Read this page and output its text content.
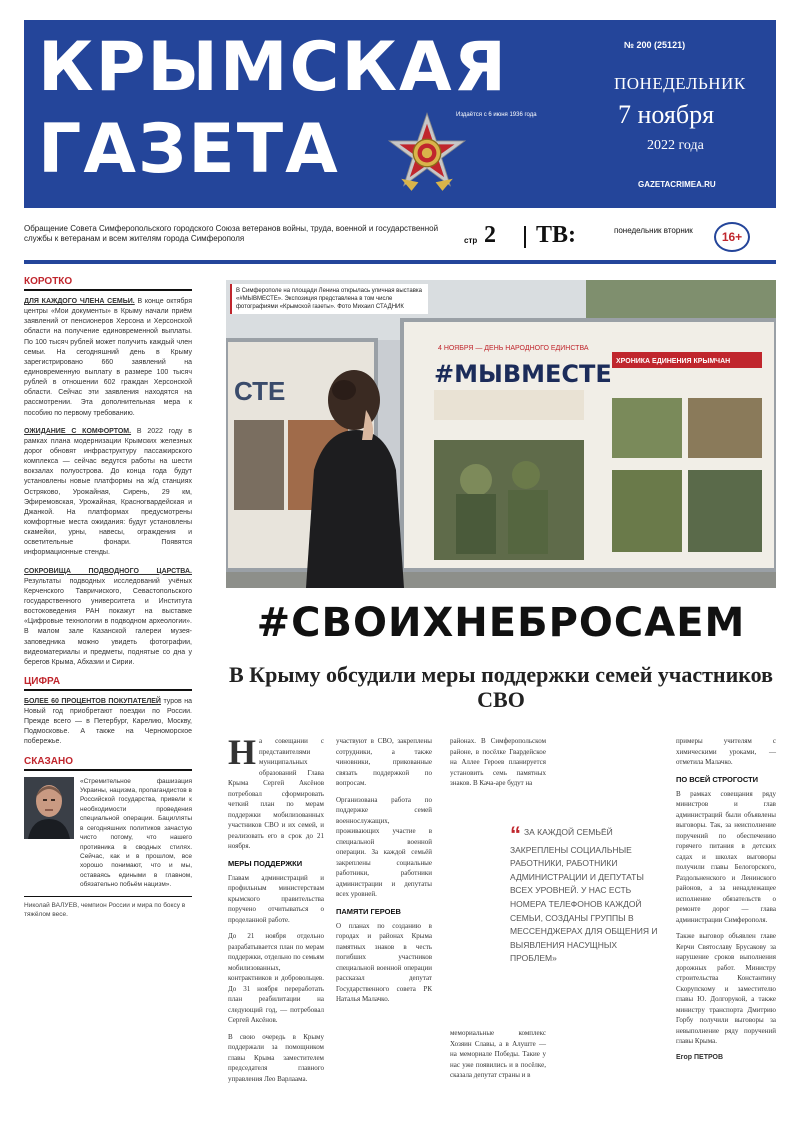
КРЫМСКАЯ
ГАЗЕТА	Издаётся с 6 июня 1936 года
№ 200 (25121)
ПОНЕДЕЛЬНИК
7 ноября
2022 года
GAZETACRIMEA.RU
Обращение Совета Симферопольского городского Союза ветеранов войны, труда, военной и государственной службы к ветеранам и всем жителям города Симферополя	стр 2 ТВ:	понедельник вторник	16+
КОРОТКО
ДЛЯ КАЖДОГО ЧЛЕНА СЕМЬИ. В конце октября центры «Мои документы» в Крыму начали приём заявлений от пенсионеров Херсона и Херсонской области на получение единовременной выплаты. По 100 тысяч рублей может получить каждый член семьи. На сегодняшний день в Крыму зарегистрировано 660 заявлений на единовременную выплату в размере 100 тысяч рублей в отношении 602 граждан Херсонской области. Сейчас эти заявления находятся на рассмотрении. Эта дополнительная мера к пособию по первому требованию.
ОЖИДАНИЕ С КОМФОРТОМ. В 2022 году в рамках плана модернизации Крымских железных дорог обновят инфраструктуру пассажирского комплекса — сейчас ведутся работы на шести вокзалах полуострова. До конца года будут установлены новые платформы на ж/д станциях Остряково, Урожайная, Сирень, 29 км, Эфиремовская, Урожайная, Красногвардейская и Джанкой. На платформах предусмотрены комфортные места ожидания: будут установлены скамейки, урны, навесы, ограждения и осветительные фонари. Появятся информационные стенды.
СОКРОВИЩА ПОДВОДНОГО ЦАРСТВА. Результаты подводных исследований учёных Керченского Тавричиского, Севастопольского государственного университета и Института востоковедения РАН покажут на выставке «Цифровые технологии в подводном археологии». В малом зале Казанской галереи музея-заповедника можно увидеть фотографии, видеоматериалы и предметы, поднятые со дна у берегов Крыма, Абхазии и Сирии.
ЦИФРА
БОЛЕЕ 60 ПРОЦЕНТОВ ПОКУПАТЕЛЕЙ туров на Новый год приобретают поездки по России. Прежде всего — в Петербург, Карелию, Москву, Подмосковье. А также на Черноморское побережье.
СКАЗАНО
«Стремительное фашизация Украины, нацизма, пропагандистов в Российской государства, привели к необходимости проведения специальной операции. Бацилляты в сегодняшних политиков зачастую чисто потому, что нашего противника в сводных стилях. Сейчас, как и в прошлом, все хорошо понимают, что и мы, оставаясь едиными в главном, обязательно побьём нацизм».
Николай ВАЛУЕВ, чемпион России и мира по боксу в тяжёлом весе.
СТЕ
4 НОЯБРЯ — ДЕНЬ НАРОДНОГО ЕДИНСТВА
#МЫВМЕСТЕ ХРОНИКА ЕДИНЕНИЯ КРЫМЧАН
В Симферополе на площади Ленина открылась уличная выставка «#МЫВМЕСТЕ». Экспозиция представлена в том числе фотографиями «Крымской газеты». Фото Михаил СТАДНИК
#СВОИХНЕБРОСАЕМ
В Крыму обсудили меры поддержки семей участников СВО

На совещании с представителями муниципальных образований Глава Крыма Сергей Аксёнов потребовал сформировать четкий план по мерам поддержки мобилизованных участников СВО и их семей, и реализовать его в срок до 21 ноября.

МЕРЫ ПОДДЕРЖКИ

Главам администраций и профильным министерствам крымского правительства поручено отчитываться о проделанной работе.

До 21 ноября отдельно разрабатывается план по мерам поддержки, отдельно по семьям мобилизованных, контрактников и добровольцев. До 31 ноября переработать план реабилитации на следующий год, — потребовал Сергей Аксёнов.

В свою очередь в Крыму поддержали за помощником главы Крыма заместителем председателя главного управления Лео Варлаама.

участвуют в СВО, закреплены сотрудники, а также чиновники, прикованные связать поддержкой по вопросам.

Организована работа по поддержке семей военнослужащих, проживающих участие в специальной военной операции. За каждой семьёй закреплены социальные работники, работники администрации и депутаты всех уровней.

ПАМЯТИ ГЕРОЕВ

О планах по созданию в городах и районах Крыма памятных знаков в честь погибших участников специальной военной операции рассказал депутат Государственного совета РК Наталья Малачко.

районах. В Симферопольском районе, в посёлке Гвардейское на Аллее Героев планируется установить семь памятных знаков. В Кача-аре будут на

“ ЗА КАЖДОЙ СЕМЬЁЙ ЗАКРЕПЛЕНЫ СОЦИАЛЬНЫЕ РАБОТНИКИ, РАБОТНИКИ АДМИНИСТРАЦИИ И ДЕПУТАТЫ ВСЕХ УРОВНЕЙ. У НАС ЕСТЬ НОМЕРА ТЕЛЕФОНОВ КАЖДОЙ СЕМЬИ, СОЗДАНЫ ГРУППЫ В МЕССЕНДЖЕРАХ ДЛЯ ОБЩЕНИЯ И ВЫЯВЛЕНИЯ НАСУЩНЫХ ПРОБЛЕМ»

мемориальные комплекс Хозяин Славы, а в Алуште — на мемориале Победы. Такие у нас уже появились и в посёлке, сказала депутат страны и в

примеры учителям с химическими уроками, — отметила Малачко.

ПО ВСЕЙ СТРОГОСТИ

В рамках совещания ряду министров и глав администраций были объявлены выговоры. Так, за неисполнение поручений по обеспечению горячего питания в детских садах и школах выговоры получили главы Белогорского, Раздольненского и Ленинского районов, а за ненадлежащее исполнение обязательств о ремонте дорог — глава администрации Симферополя.

Также выговор объявлен главе Керчи Святославу Брусакову за нарушение сроков выполнения дорожных работ. Министру строительства Константину Скорупскому и заместителю главы Ю. Долгорукой, а также министру транспорта Дмитрию Горбу получили выговоры за невыполнение ряду поручений главы Крыма.

Егор ПЕТРОВ
